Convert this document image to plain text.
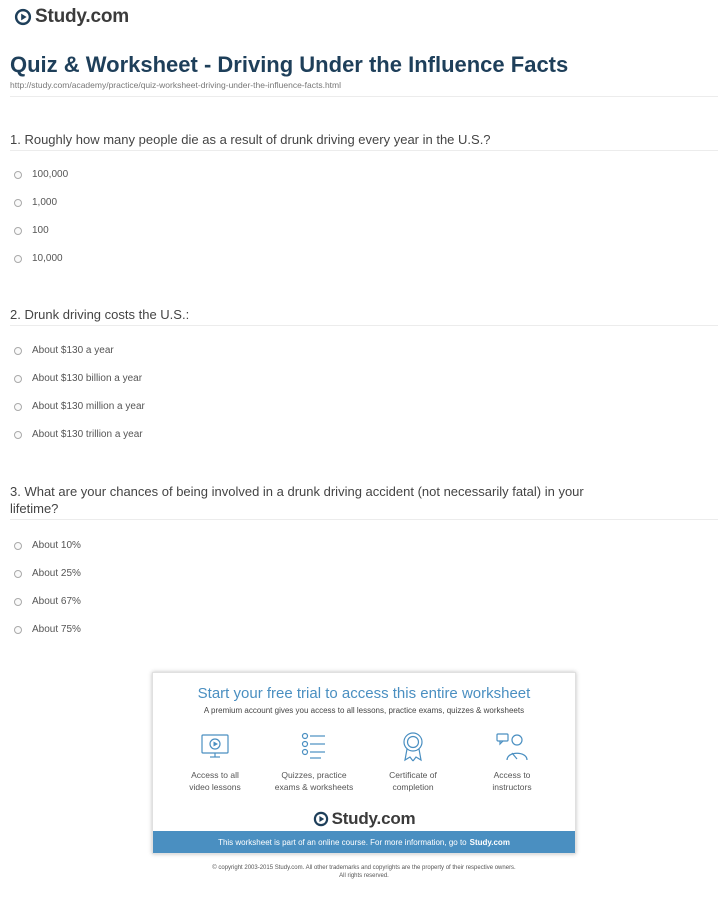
Study.com
Quiz & Worksheet - Driving Under the Influence Facts
http://study.com/academy/practice/quiz-worksheet-driving-under-the-influence-facts.html
1. Roughly how many people die as a result of drunk driving every year in the U.S.?
100,000
1,000
100
10,000
2. Drunk driving costs the U.S.:
About $130 a year
About $130 billion a year
About $130 million a year
About $130 trillion a year
3. What are your chances of being involved in a drunk driving accident (not necessarily fatal) in your lifetime?
About 10%
About 25%
About 67%
About 75%
Start your free trial to access this entire worksheet
A premium account gives you access to all lessons, practice exams, quizzes & worksheets
Access to all
video lessons
Quizzes, practice
exams & worksheets
Certificate of
completion
Access to
instructors
Study.com
This worksheet is part of an online course. For more information, go to Study.com
© copyright 2003-2015 Study.com. All other trademarks and copyrights are the property of their respective owners.
All rights reserved.
